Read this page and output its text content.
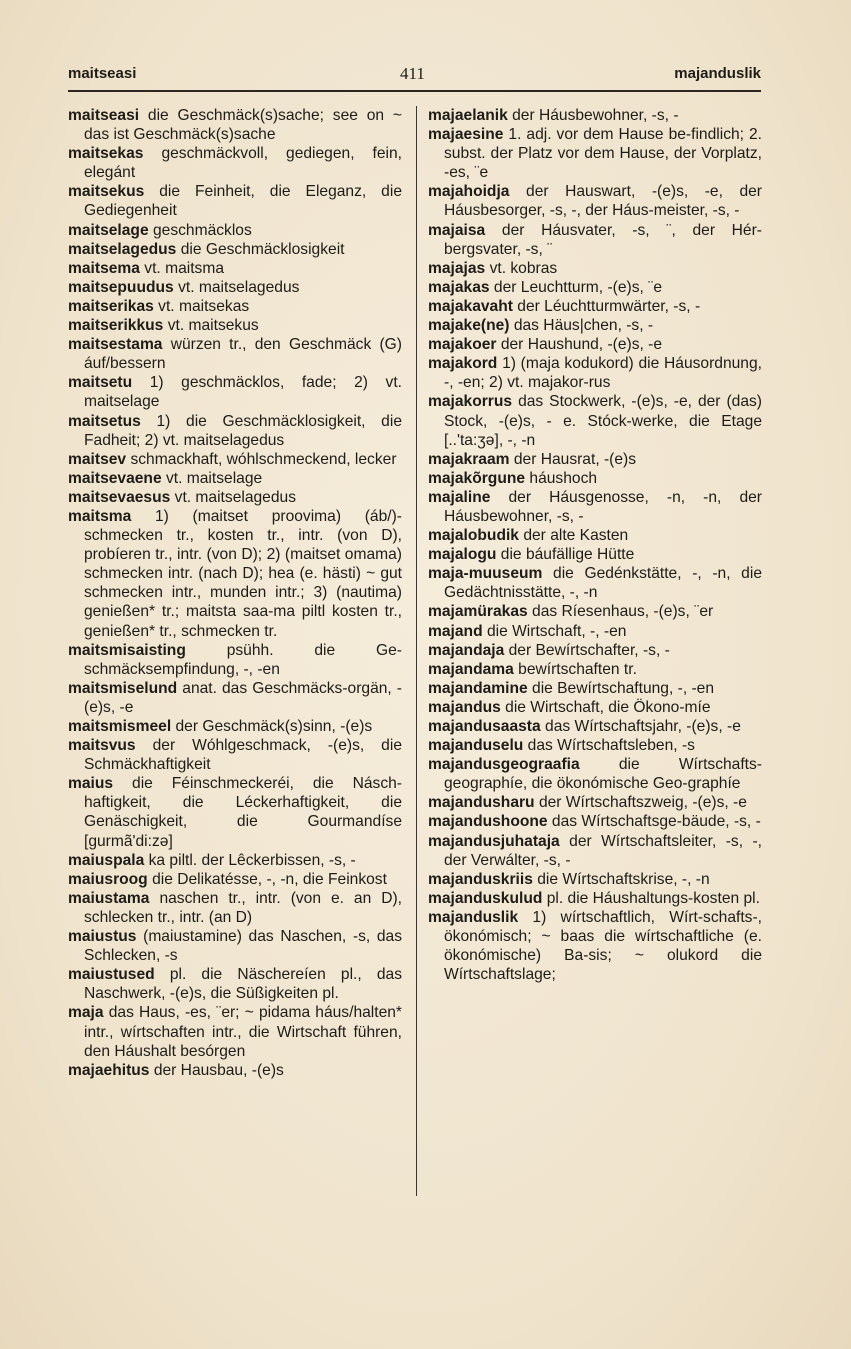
maitseasi	411	majanduslik

maitseasi die Geschmäck(s)sache; see on ~ das ist Geschmäck(s)sache

maitsekas geschmäckvoll, gediegen, fein, elegánt

maitsekus die Feinheit, die Eleganz, die Gediegenheit

maitselage geschmäcklos

maitselagedus die Geschmäcklosigkeit

maitsema vt. maitsma

maitsepuudus vt. maitselagedus

maitserikas vt. maitsekas

maitserikkus vt. maitsekus

maitsestama würzen tr., den Geschmäck (G) áuf/bessern

maitsetu 1) geschmäcklos, fade; 2) vt. maitselage

maitsetus 1) die Geschmäcklosigkeit, die Fadheit; 2) vt. maitselagedus

maitsev schmackhaft, wóhlschmeckend, lecker

maitsevaene vt. maitselage

maitsevaesus vt. maitselagedus

maitsma 1) (maitset proovima) (áb/)-schmecken tr., kosten tr., intr. (von D), probíeren tr., intr. (von D); 2) (maitset omama) schmecken intr. (nach D); hea (e. hästi) ~ gut schmecken intr., munden intr.; 3) (nautima) genießen* tr.; maitsta saa-ma piltl kosten tr., genießen* tr., schmecken tr.

maitsmisaisting	psühh. die Ge-schmäcksempfindung, -, -en

maitsmiselund anat. das Geschmäcks-orgän, -(e)s, -e

maitsmismeel der Geschmäck(s)sinn, -(e)s

maitsvus der Wóhlgeschmack, -(e)s, die Schmäckhaftigkeit

maius die Féinschmeckeréi, die Násch-haftigkeit, die Léckerhaftigkeit, die Genäschigkeit, die Gourmandíse [gurmã'di:zə]

maiuspala ka piltl. der Lêckerbissen, -s, -

maiusroog die Delikatésse, -, -n, die Feinkost

maiustama naschen tr., intr. (von e. an D), schlecken tr., intr. (an D)

maiustus (maiustamine) das Naschen, -s, das Schlecken, -s

maiustused pl. die Näschereíen pl., das Naschwerk, -(e)s, die Süßigkeiten pl.

maja das Haus, -es, ¨er; ~ pidama háus/halten* intr., wírtschaften intr., die Wirtschaft führen, den Háushalt besórgen

majaehitus der Hausbau, -(e)s

majaelanik der Háusbewohner, -s, -

majaesine 1. adj. vor dem Hause be-findlich; 2. subst. der Platz vor dem Hause, der Vorplatz, -es, ¨e

majahoidja der Hauswart, -(e)s, -e, der Háusbesorger, -s, -, der Háus-meister, -s, -

majaisa der Háusvater, -s, ¨, der Hér-bergsvater, -s, ¨

majajas vt. kobras

majakas der Leuchtturm, -(e)s, ¨e

majakavaht der Léuchtturmwärter, -s, -

majake(ne) das Häus|chen, -s, -

majakoer der Haushund, -(e)s, -e

majakord 1) (maja kodukord) die Háusordnung, -, -en; 2) vt. majakor-rus

majakorrus das Stockwerk, -(e)s, -e, der (das) Stock, -(e)s, - e. Stóck-werke, die Etage [..'ta:ʒə], -, -n

majakraam der Hausrat, -(e)s

majakõrgune háushoch

majaline der Háusgenosse, -n, -n, der Háusbewohner, -s, -

majalobudik der alte Kasten

majalogu die báufällige Hütte

maja-muuseum die Gedénkstätte, -, -n, die Gedächtnisstätte, -, -n

majamürakas das Ríesenhaus, -(e)s, ¨er

majand die Wirtschaft, -, -en

majandaja der Bewírtschafter, -s, -

majandama bewírtschaften tr.

majandamine die Bewírtschaftung, -, -en

majandus die Wirtschaft, die Ökono-míe

majandusaasta das Wírtschaftsjahr, -(e)s, -e

majanduselu das Wírtschaftsleben, -s

majandusgeograafia	die Wírtschafts-geographíe, die ökonómische Geo-graphíe

majandusharu der Wírtschaftszweig, -(e)s, -e

majandushoone das Wírtschaftsge-bäude, -s, -

majandusjuhataja der Wírtschaftsleiter, -s, -, der Verwálter, -s, -

majanduskriis die Wírtschaftskrise, -, -n

majanduskulud pl. die Háushaltungs-kosten pl.

majanduslik 1) wírtschaftlich, Wírt-schafts-, ökonómisch; ~ baas die wírtschaftliche (e. ökonómische) Ba-sis; ~ olukord die Wírtschaftslage;
